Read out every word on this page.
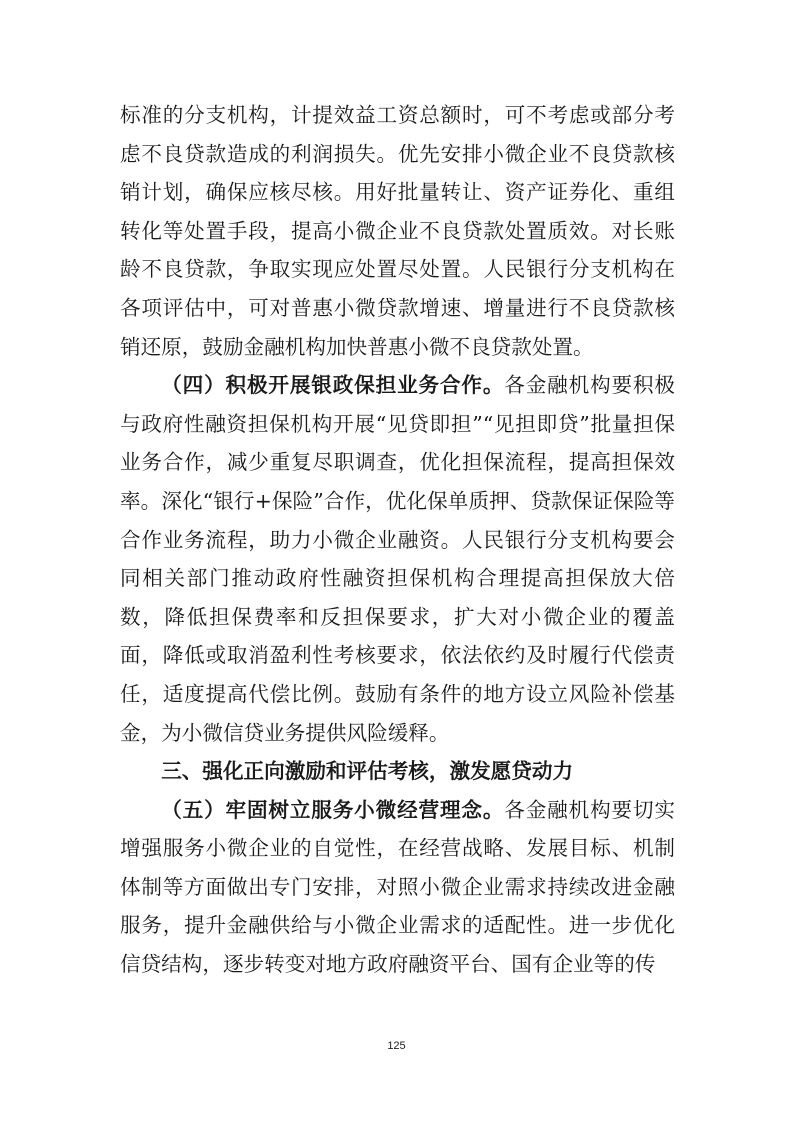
标准的分支机构，计提效益工资总额时，可不考虑或部分考虑不良贷款造成的利润损失。优先安排小微企业不良贷款核销计划，确保应核尽核。用好批量转让、资产证券化、重组转化等处置手段，提高小微企业不良贷款处置质效。对长账龄不良贷款，争取实现应处置尽处置。人民银行分支机构在各项评估中，可对普惠小微贷款增速、增量进行不良贷款核销还原，鼓励金融机构加快普惠小微不良贷款处置。

（四）积极开展银政保担业务合作。各金融机构要积极与政府性融资担保机构开展“见贷即担”“见担即贷”批量担保业务合作，减少重复尽职调查，优化担保流程，提高担保效率。深化“银行+保险”合作，优化保单质押、贷款保证保险等合作业务流程，助力小微企业融资。人民银行分支机构要会同相关部门推动政府性融资担保机构合理提高担保放大倍数，降低担保费率和反担保要求，扩大对小微企业的覆盖面，降低或取消盈利性考核要求，依法依约及时履行代偿责任，适度提高代偿比例。鼓励有条件的地方设立风险补偿基金，为小微信贷业务提供风险缓释。

三、强化正向激励和评估考核，激发愿贷动力

（五）牢固树立服务小微经营理念。各金融机构要切实增强服务小微企业的自觉性，在经营战略、发展目标、机制体制等方面做出专门安排，对照小微企业需求持续改进金融服务，提升金融供给与小微企业需求的适配性。进一步优化信贷结构，逐步转变对地方政府融资平台、国有企业等的传

125
